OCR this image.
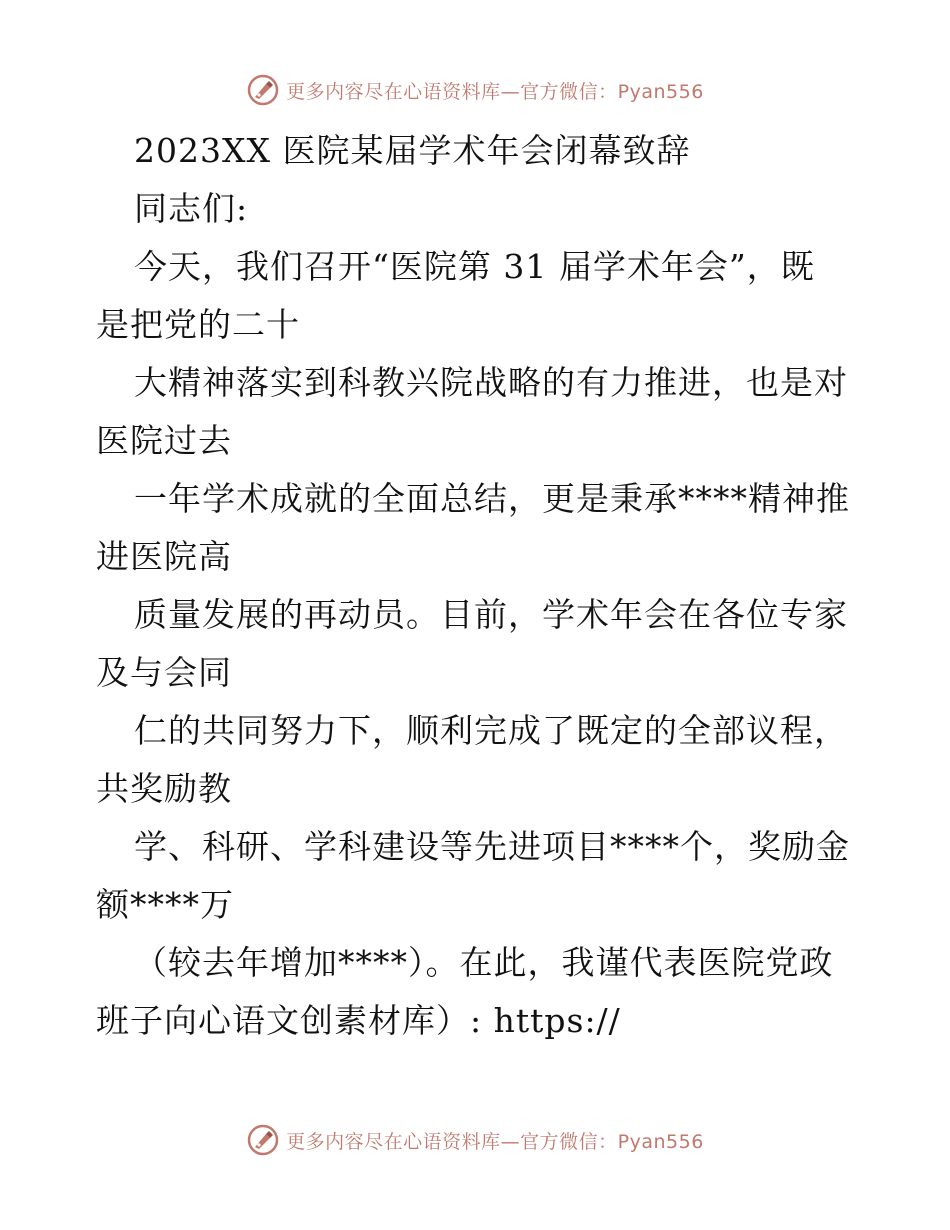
更多内容尽在心语资料库—官方微信：Pyan556
2023XX 医院某届学术年会闭幕致辞
同志们:
今天，我们召开“医院第 31 届学术年会”，既
是把党的二十
大精神落实到科教兴院战略的有力推进，也是对
医院过去
一年学术成就的全面总结，更是秉承****精神推
进医院高
质量发展的再动员。目前，学术年会在各位专家
及与会同
仁的共同努力下，顺利完成了既定的全部议程，
共奖励教
学、科研、学科建设等先进项目****个，奖励金
额****万
（较去年增加****）。在此，我谨代表医院党政
班子向心语文创素材库）: https://
更多内容尽在心语资料库—官方微信：Pyan556
